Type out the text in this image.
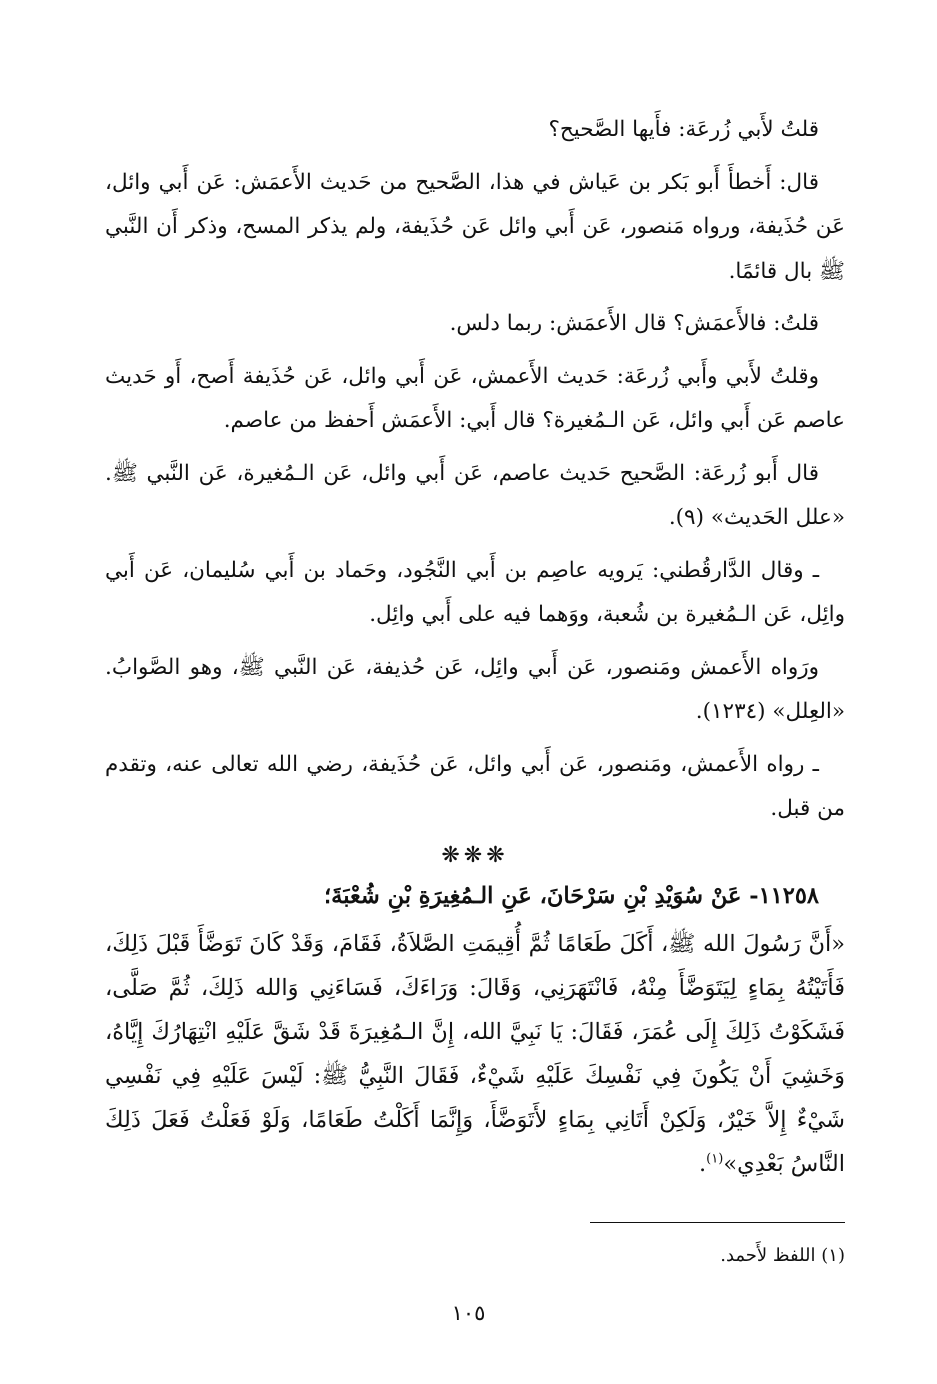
قلتُ لأَبي زُرعَة: فأَيها الصَّحيح؟

قال: أَخطأَ أَبو بَكر بن عَياش في هذا، الصَّحيح من حَديث الأَعمَش: عَن أَبي وائل، عَن حُذَيفة، ورواه مَنصور، عَن أَبي وائل عَن حُذَيفة، ولم يذكر المسح، وذكر أَن النَّبي ﷺ بال قائمًا.

قلتُ: فالأَعمَش؟ قال الأَعمَش: ربما دلس.

وقلتُ لأَبي وأَبي زُرعَة: حَديث الأَعمش، عَن أَبي وائل، عَن حُذَيفة أَصح، أَو حَديث عاصم عَن أَبي وائل، عَن الـمُغيرة؟ قال أَبي: الأَعمَش أَحفظ من عاصم.

قال أَبو زُرعَة: الصَّحيح حَديث عاصم، عَن أَبي وائل، عَن الـمُغيرة، عَن النَّبي ﷺ. «علل الحَديث» (٩).

ـ وقال الدَّارقُطني: يَرويه عاصِم بن أَبي النَّجُود، وحَماد بن أَبي سُليمان، عَن أَبي وائِل، عَن الـمُغيرة بن شُعبة، ووَهما فيه على أَبي وائِل.

ورَواه الأَعمش ومَنصور، عَن أَبي وائِل، عَن حُذيفة، عَن النَّبي ﷺ، وهو الصَّوابُ. «العِلل» (١٢٣٤).

ـ رواه الأَعمش، ومَنصور، عَن أَبي وائل، عَن حُذَيفة، رضي الله تعالى عنه، وتقدم من قبل.

❋❋❋

١١٢٥٨- عَنْ سُوَيْدِ بْنِ سَرْحَانَ، عَنِ الـمُغِيرَةِ بْنِ شُعْبَةَ؛

«أَنَّ رَسُولَ الله ﷺ، أَكَلَ طَعَامًا ثُمَّ أُقِيمَتِ الصَّلاَةُ، فَقَامَ، وَقَدْ كَانَ تَوَضَّأَ قَبْلَ ذَلِكَ، فَأَتَيْتُهُ بِمَاءٍ لِيَتَوَضَّأَ مِنْهُ، فَانْتَهَرَنِي، وَقَالَ: وَرَاءَكَ، فَسَاءَنِي وَالله ذَلِكَ، ثُمَّ صَلَّى، فَشَكَوْتُ ذَلِكَ إِلَى عُمَرَ، فَقَالَ: يَا نَبِيَّ الله، إِنَّ الـمُغِيرَةَ قَدْ شَقَّ عَلَيْهِ انْتِهَارُكَ إِيَّاهُ، وَخَشِيَ أَنْ يَكُونَ فِي نَفْسِكَ عَلَيْهِ شَيْءٌ، فَقَالَ النَّبِيُّ ﷺ: لَيْسَ عَلَيْهِ فِي نَفْسِي شَيْءٌ إِلاَّ خَيْرٌ، وَلَكِنْ أَتَانِي بِمَاءٍ لأَتَوَضَّأَ، وَإِنَّمَا أَكَلْتُ طَعَامًا، وَلَوْ فَعَلْتُ فَعَلَ ذَلِكَ النَّاسُ بَعْدِي»$^{(١)}$.

(١) اللفظ لأَحمد.
١٠٥
